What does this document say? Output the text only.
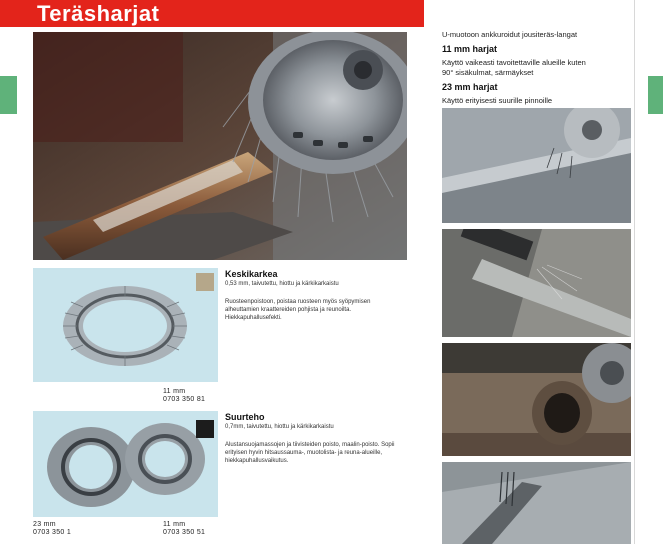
Teräsharjat
Keskikarkea
0,53 mm, taivutettu, hiottu ja kärkikarkaistu
Ruosteenpoistoon, poistaa ruosteen myös syöpymisen alheuttamien kraattereiden pohjista ja reunoilta. Hiekkapuhallusefekti.
11 mm
0703 350 81
Suurteho
0,7mm, taivutettu, hiottu ja kärkikarkaistu
Alustansuojamassojen ja tiivisteiden poisto, maalin-poisto. Sopii erityisen hyvin hitsaussauma-, muotolista- ja reuna-alueille, hiekkapuhallusvaikutus.
23 mm
0703 350 1
11 mm
0703 350 51
U-muotoon ankkuroidut jousiteräs-langat
11 mm harjat
Käyttö vaikeasti tavoitettaville alueille kuten
90° sisäkulmat, särmäykset
23 mm harjat
Käyttö erityisesti suurille pinnoille
